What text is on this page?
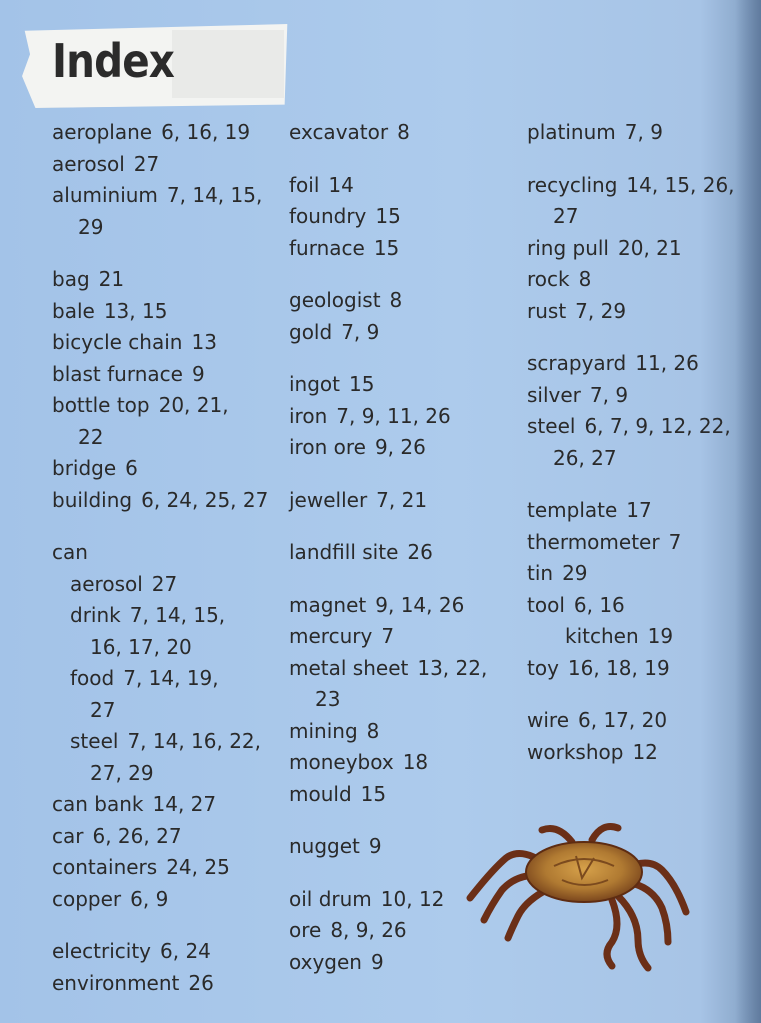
Index
aeroplane 6, 16, 19
aerosol 27
aluminium 7, 14, 15,
29
bag 21
bale 13, 15
bicycle chain 13
blast furnace 9
bottle top 20, 21,
22
bridge 6
building 6, 24, 25, 27
can
aerosol 27
drink 7, 14, 15,
16, 17, 20
food 7, 14, 19,
27
steel 7, 14, 16, 22,
27, 29
can bank 14, 27
car 6, 26, 27
containers 24, 25
copper 6, 9
electricity 6, 24
environment 26
excavator 8
foil 14
foundry 15
furnace 15
geologist 8
gold 7, 9
ingot 15
iron 7, 9, 11, 26
iron ore 9, 26
jeweller 7, 21
landfill site 26
magnet 9, 14, 26
mercury 7
metal sheet 13, 22,
23
mining 8
moneybox 18
mould 15
nugget 9
oil drum 10, 12
ore 8, 9, 26
oxygen 9
platinum 7, 9
recycling 14, 15, 26,
27
ring pull 20, 21
rock 8
rust 7, 29
scrapyard 11, 26
silver 7, 9
steel 6, 7, 9, 12, 22,
26, 27
template 17
thermometer 7
tin 29
tool 6, 16
kitchen 19
toy 16, 18, 19
wire 6, 17, 20
workshop 12
